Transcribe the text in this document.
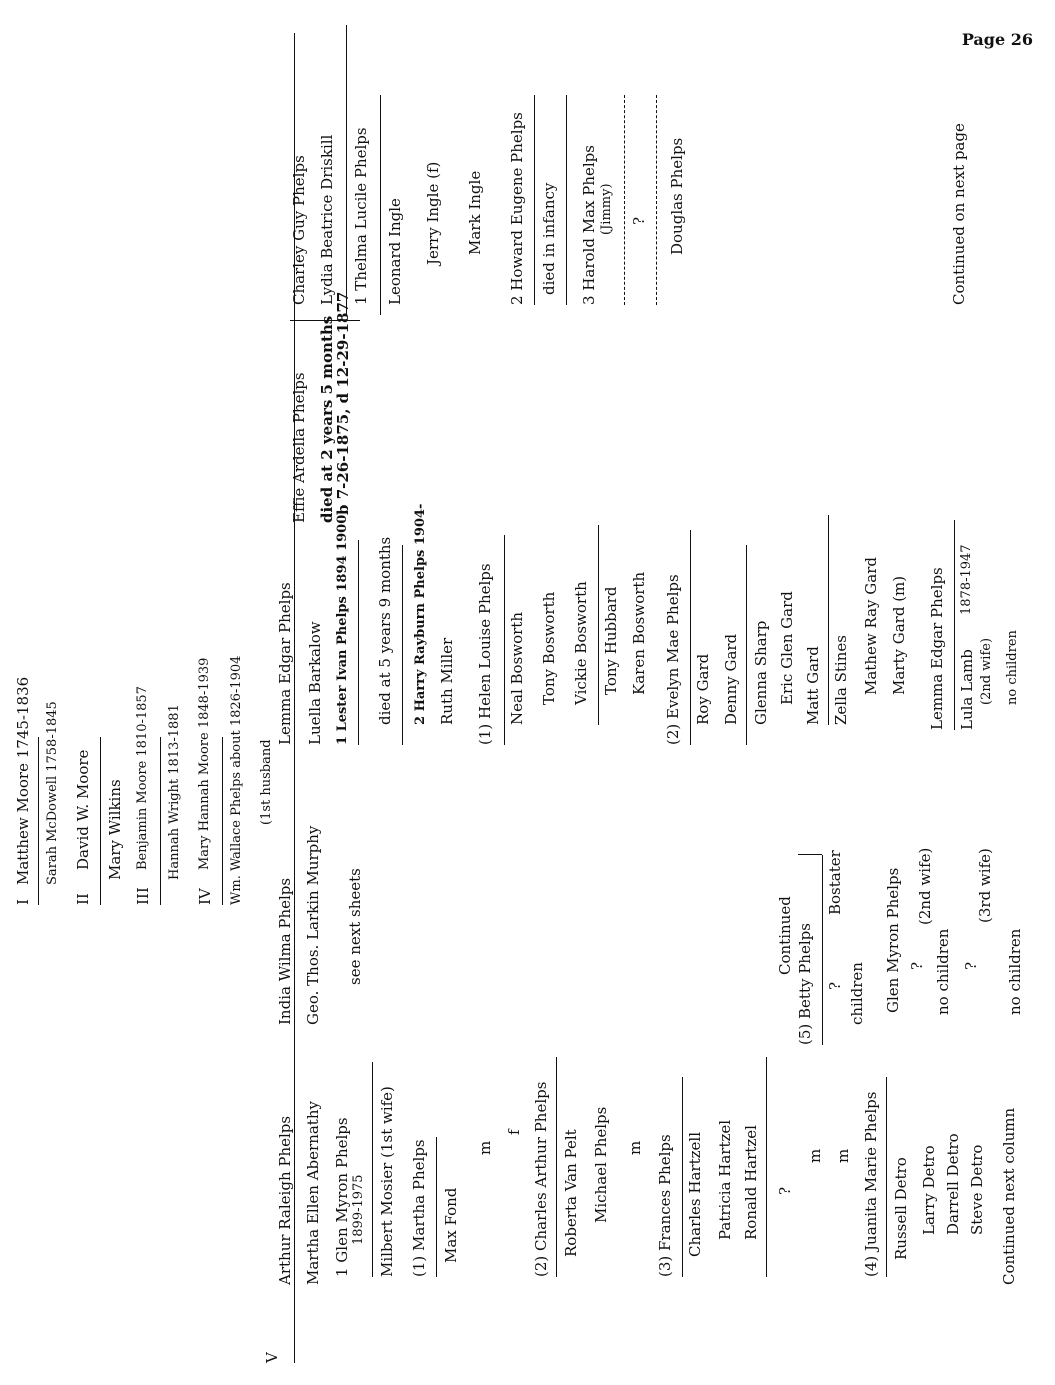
Page 26
I
Matthew Moore 1745-1836 Sarah McDowell 1758-1845
II
David W. Moore Mary Wilkins
III
Benjamin Moore 1810-1857 Hannah Wright 1813-1881
IV
Mary Hannah Moore 1848-1939 Wm. Wallace Phelps about 1826-1904 (1st husband
V
Arthur Raleigh Phelps Martha Ellen Abernathy 1 Glen Myron Phelps 1899-1975 Milbert Mosier (1st wife) (1) Martha Phelps Max Fond
m
f (2) Charles Arthur Phelps Roberta Van Pelt Michael Phelps m (3) Frances Phelps Charles Hartzell Patricia Hartzel Ronald Hartzel ?
m m (4) Juanita Marie Phelps Russell Detro Larry Detro Darrell Detro Steve Detro Continued next column
India Wilma Phelps Geo. Thos. Larkin Murphy see next sheets	Continued (5) Betty Phelps ?
Bostater
children Glen Myron Phelps ?
(2nd wife)
no children ?
(3rd wife)
no children
Lemma Edgar Phelps Luella Barkalow 1 Lester Ivan Phelps 1894 1900 died at 5 years 9 months 2 Harry Rayburn Phelps 1904- Ruth Miller (1) Helen Louise Phelps Neal Bosworth Tony Bosworth Vickie Bosworth Tony Hubbard Karen Bosworth (2) Evelyn Mae Phelps Roy Gard Denny Gard Glenna Sharp Eric Glen Gard Matt Gard Zella Stines Mathew Ray Gard Marty Gard (m) Lemma Edgar Phelps Lula Lamb
1878-1947
(2nd wife) no children
Effie Ardella Phelps died at 2 years 5 months
b 7-26-1875, d 12-29-1877
Charley Guy Phelps Lydia Beatrice Driskill 1 Thelma Lucile Phelps Leonard Ingle Jerry Ingle (f) Mark Ingle 2 Howard Eugene Phelps died in infancy 3 Harold Max Phelps (Jimmy) ? Douglas Phelps	Continued on next page
